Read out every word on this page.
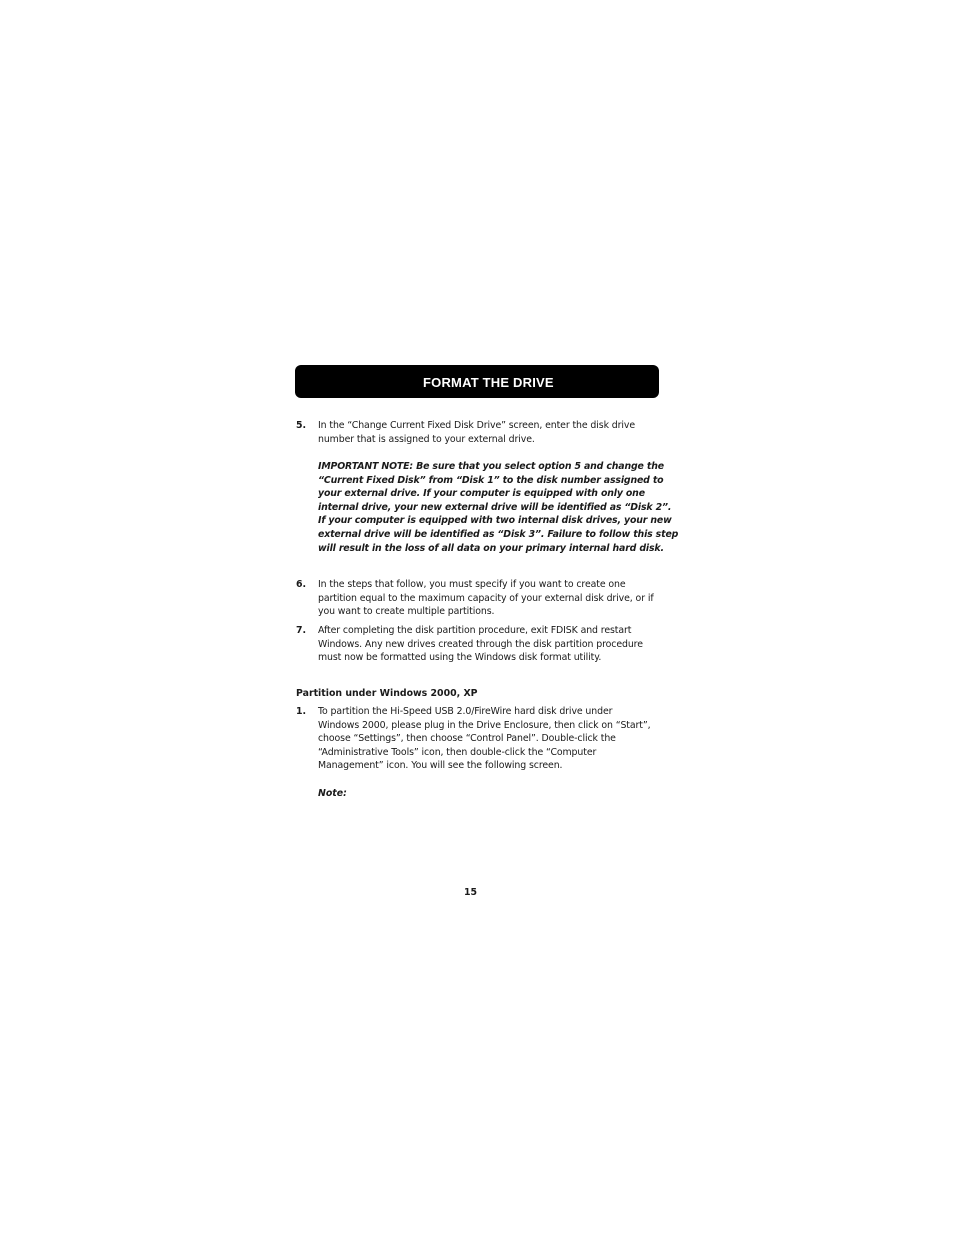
FORMAT THE DRIVE
5. In the “Change Current Fixed Disk Drive” screen, enter the disk drive
number that is assigned to your external drive.
IMPORTANT NOTE: Be sure that you select option 5 and change the
“Current Fixed Disk” from “Disk 1” to the disk number assigned to
your external drive. If your computer is equipped with only one
internal drive, your new external drive will be identified as “Disk 2”.
If your computer is equipped with two internal disk drives, your new
external drive will be identified as “Disk 3”. Failure to follow this step
will result in the loss of all data on your primary internal hard disk.
6. In the steps that follow, you must specify if you want to create one
partition equal to the maximum capacity of your external disk drive, or if
you want to create multiple partitions.
7. After completing the disk partition procedure, exit FDISK and restart
Windows. Any new drives created through the disk partition procedure
must now be formatted using the Windows disk format utility.
Partition under Windows 2000, XP
1. To partition the Hi-Speed USB 2.0/FireWire hard disk drive under
Windows 2000, please plug in the Drive Enclosure, then click on “Start”,
choose “Settings”, then choose “Control Panel”. Double-click the
“Administrative Tools” icon, then double-click the “Computer
Management” icon. You will see the following screen.
Note:
15
